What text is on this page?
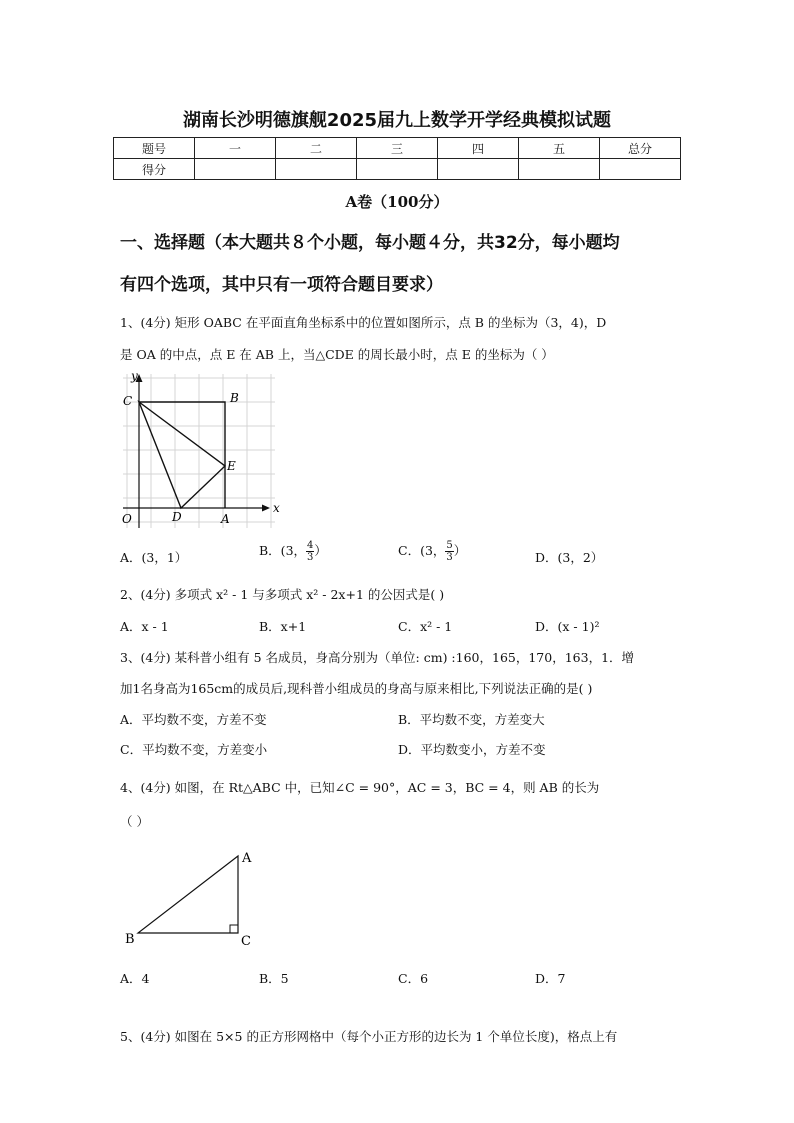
湖南长沙明德旗舰2025届九上数学开学经典模拟试题
题号	一	二	三	四	五	总分
得分						
A卷（100分）
一、选择题（本大题共８个小题，每小题４分，共32分，每小题均
有四个选项，其中只有一项符合题目要求）
1、(4分) 矩形 OABC 在平面直角坐标系中的位置如图所示，点 B 的坐标为（3，4)，D
是 OA 的中点，点 E 在 AB 上，当△CDE 的周长最小时，点 E 的坐标为（ ）
y
x
C	B
E
O	D	A
A．(3，1）	B．(3， $\frac{4}{3}$ ）	C．(3， $\frac{5}{3}$ ）	D．(3，2）
2、(4分) 多项式 x² - 1 与多项式 x² - 2x+1 的公因式是( )
A．x - 1	B．x+1	C．x² - 1	D．(x - 1)²
3、(4分) 某科普小组有 5 名成员，身高分别为（单位: cm) :160，165，170，163，1．增
加1名身高为165cm的成员后,现科普小组成员的身高与原来相比,下列说法正确的是( )
A．平均数不变，方差不变	B．平均数不变，方差变大
C．平均数不变，方差变小	D．平均数变小，方差不变
4、(4分) 如图，在 Rt△ABC 中，已知∠C = 90°，AC = 3，BC = 4，则 AB 的长为
（ ）
A
B	C
A．4	B．5	C．6	D．7
5、(4分) 如图在 5×5 的正方形网格中（每个小正方形的边长为 1 个单位长度)，格点上有
